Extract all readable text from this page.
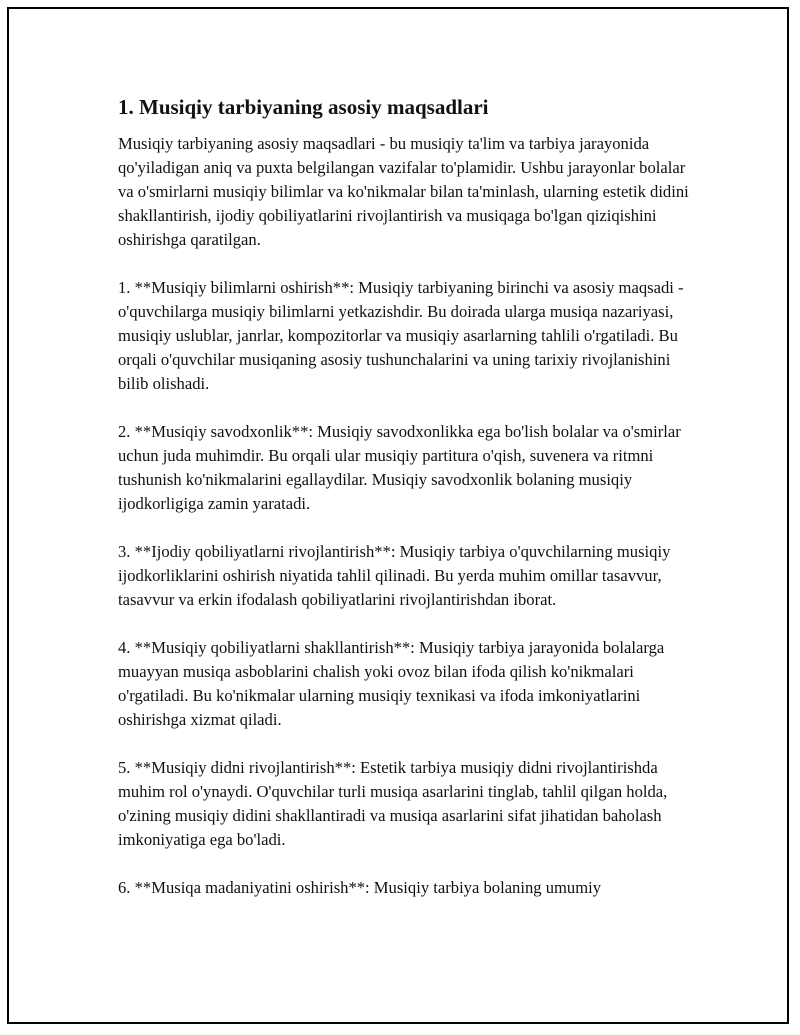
1. Musiqiy tarbiyaning asosiy maqsadlari

Musiqiy tarbiyaning asosiy maqsadlari - bu musiqiy ta'lim va tarbiya jarayonida qo'yiladigan aniq va puxta belgilangan vazifalar to'plamidir. Ushbu jarayonlar bolalar va o'smirlarni musiqiy bilimlar va ko'nikmalar bilan ta'minlash, ularning estetik didini shakllantirish, ijodiy qobiliyatlarini rivojlantirish va musiqaga bo'lgan qiziqishini oshirishga qaratilgan.

1. **Musiqiy bilimlarni oshirish**: Musiqiy tarbiyaning birinchi va asosiy maqsadi - o'quvchilarga musiqiy bilimlarni yetkazishdir. Bu doirada ularga musiqa nazariyasi, musiqiy uslublar, janrlar, kompozitorlar va musiqiy asarlarning tahlili o'rgatiladi. Bu orqali o'quvchilar musiqaning asosiy tushunchalarini va uning tarixiy rivojlanishini bilib olishadi.

2. **Musiqiy savodxonlik**: Musiqiy savodxonlikka ega bo'lish bolalar va o'smirlar uchun juda muhimdir. Bu orqali ular musiqiy partitura o'qish, suvenera va ritmni tushunish ko'nikmalarini egallaydilar. Musiqiy savodxonlik bolaning musiqiy ijodkorligiga zamin yaratadi.

3. **Ijodiy qobiliyatlarni rivojlantirish**: Musiqiy tarbiya o'quvchilarning musiqiy ijodkorliklarini oshirish niyatida tahlil qilinadi. Bu yerda muhim omillar tasavvur, tasavvur va erkin ifodalash qobiliyatlarini rivojlantirishdan iborat.

4. **Musiqiy qobiliyatlarni shakllantirish**: Musiqiy tarbiya jarayonida bolalarga muayyan musiqa asboblarini chalish yoki ovoz bilan ifoda qilish ko'nikmalari o'rgatiladi. Bu ko'nikmalar ularning musiqiy texnikasi va ifoda imkoniyatlarini oshirishga xizmat qiladi.

5. **Musiqiy didni rivojlantirish**: Estetik tarbiya musiqiy didni rivojlantirishda muhim rol o'ynaydi. O'quvchilar turli musiqa asarlarini tinglab, tahlil qilgan holda, o'zining musiqiy didini shakllantiradi va musiqa asarlarini sifat jihatidan baholash imkoniyatiga ega bo'ladi.

6. **Musiqa madaniyatini oshirish**: Musiqiy tarbiya bolaning umumiy
